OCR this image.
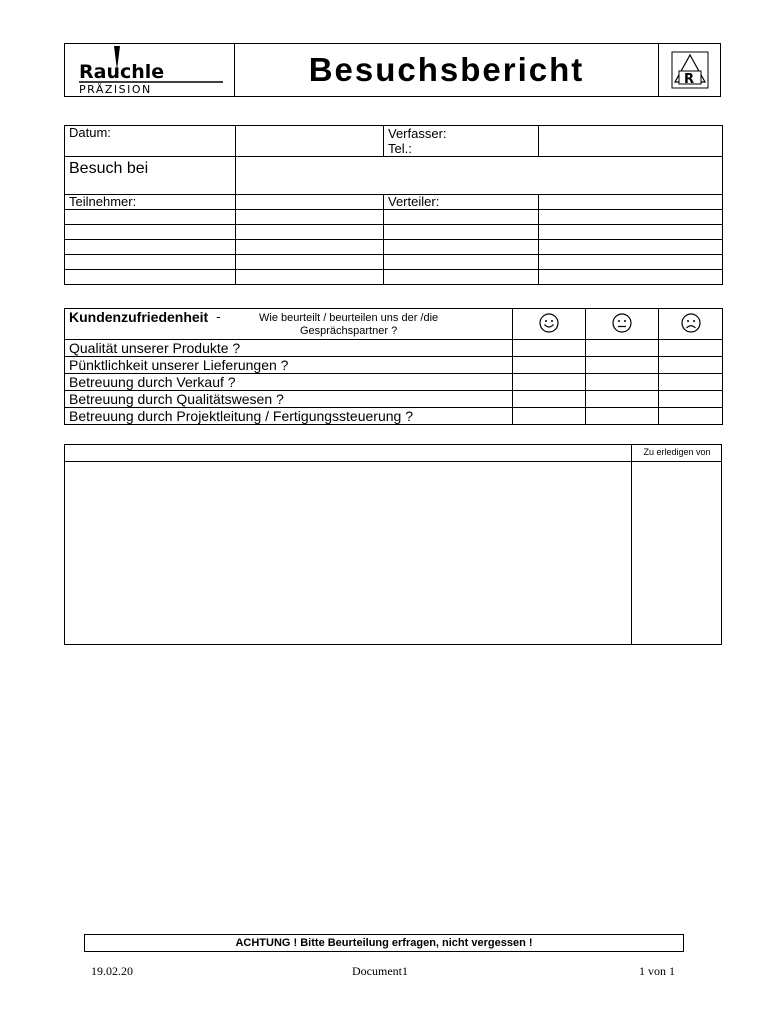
Rauchle
PRÄZISION
Besuchsbericht	R
Datum:		Verfasser:
Tel.:	

Besuch bei			
Teilnehmer:		Verteiler:	

Kundenzufriedenheit - Wie beurteilt / beurteilen uns der /die Gesprächspartner ?

Qualität unserer Produkte ?			
Pünktlichkeit unserer Lieferungen ?			
Betreuung durch Verkauf ?			
Betreuung durch Qualitätswesen ?			
Betreuung durch Projektleitung / Fertigungssteuerung ?			
Zu erledigen von
ACHTUNG ! Bitte Beurteilung erfragen, nicht vergessen !
19.02.20	Document1	1 von 1
